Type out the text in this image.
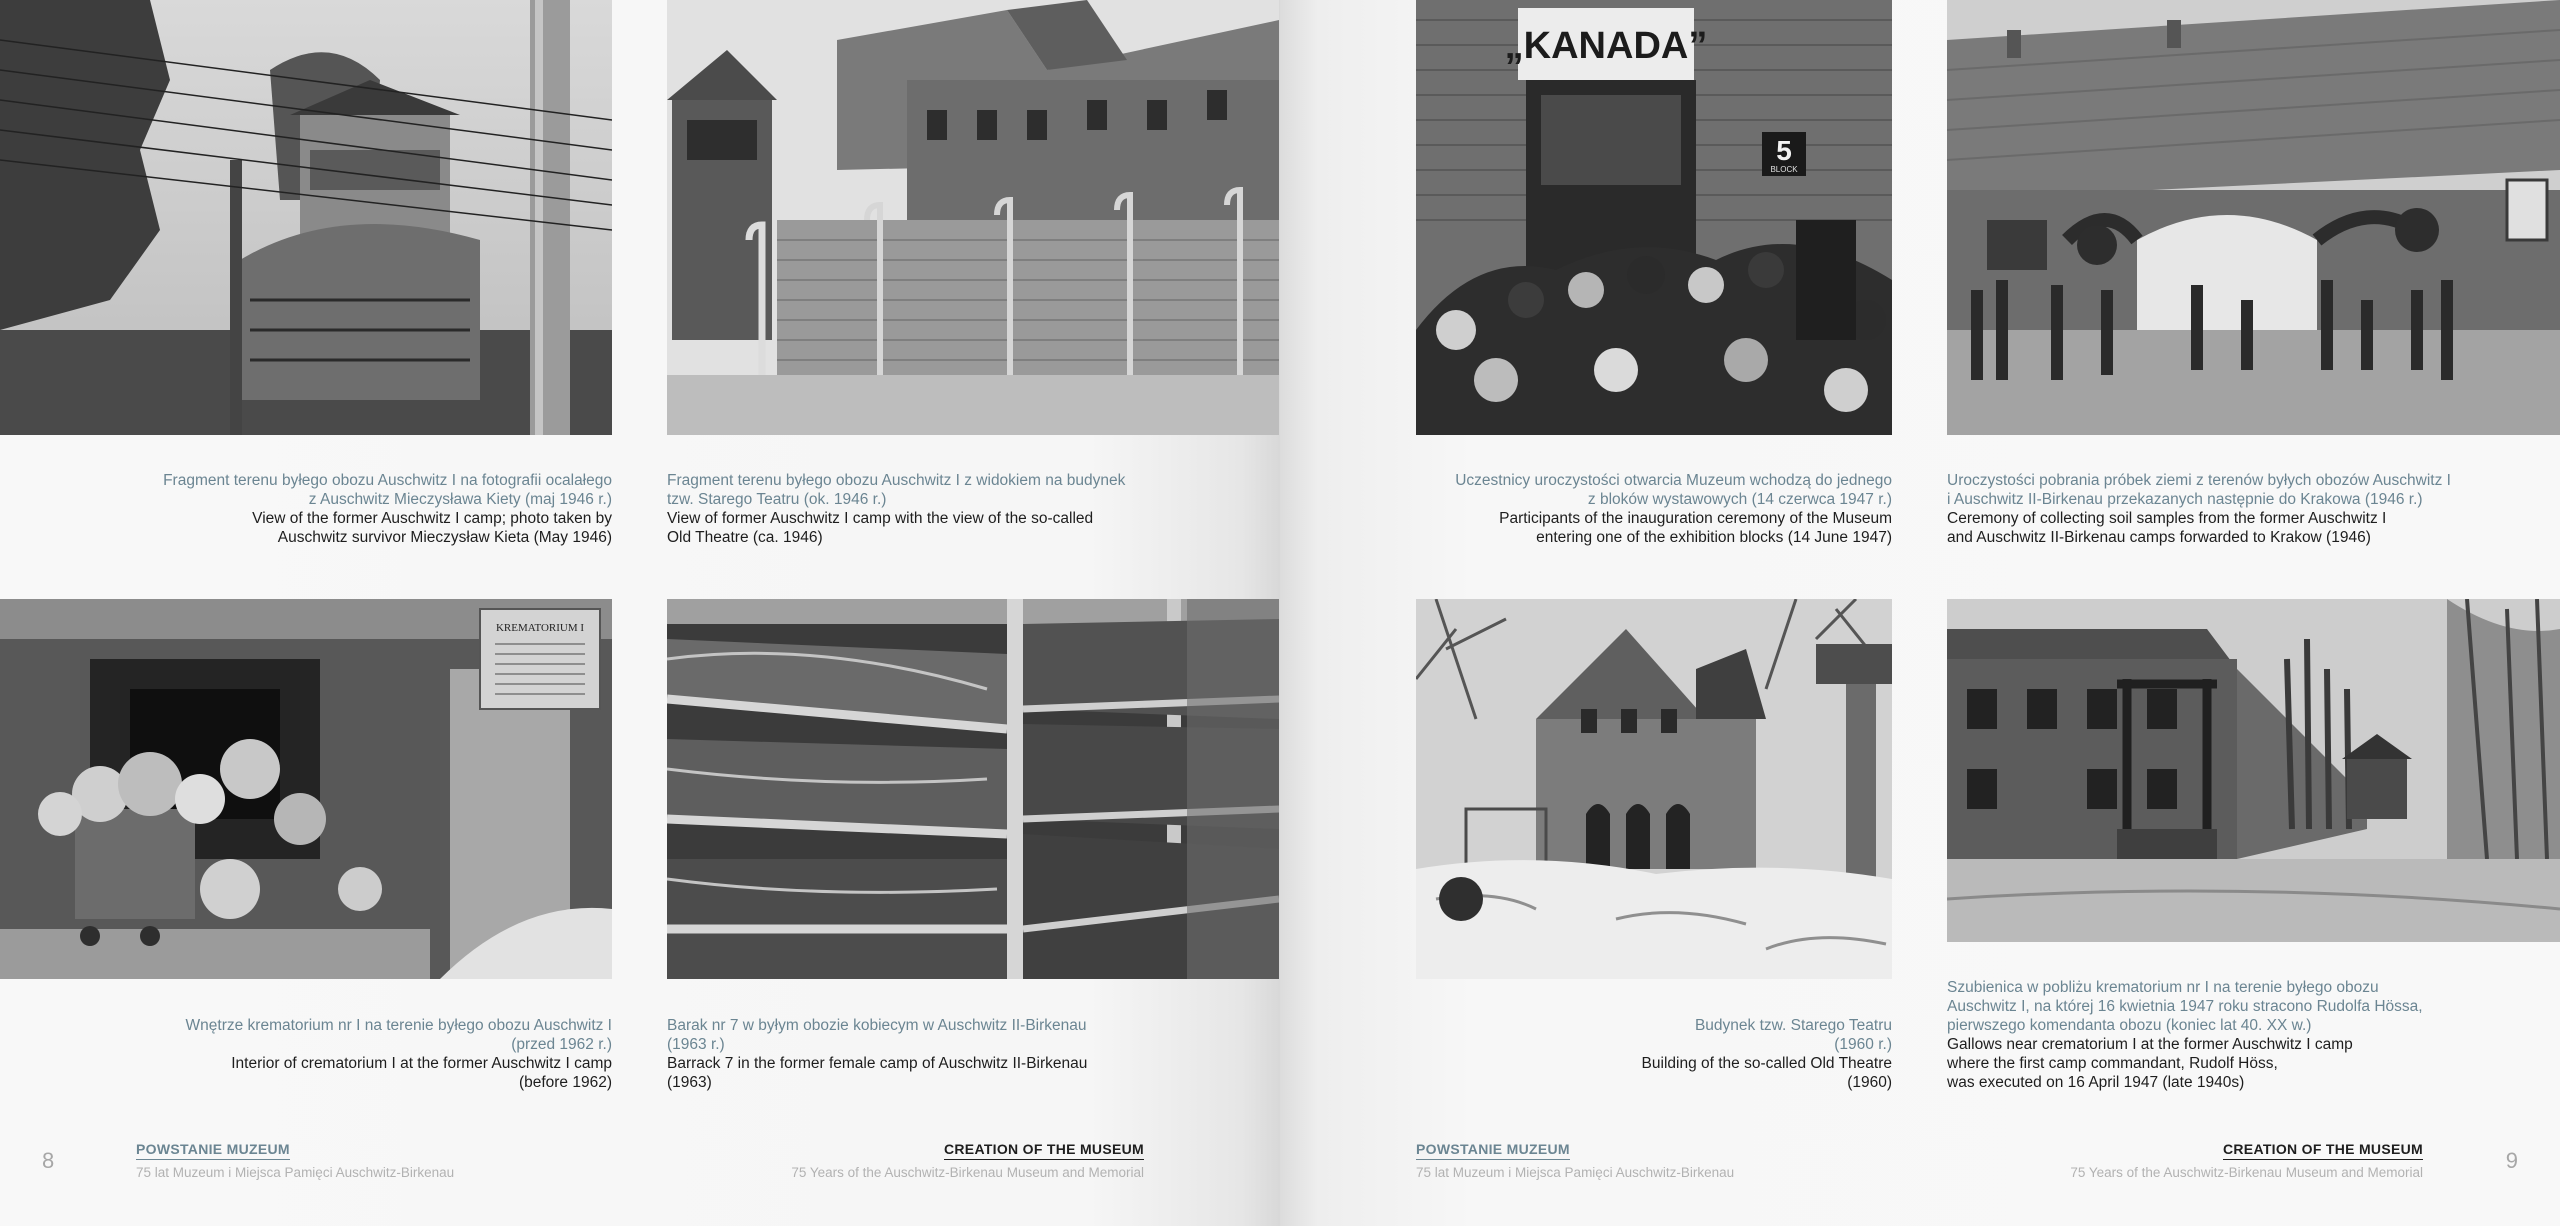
Fragment terenu byłego obozu Auschwitz I na fotografii ocalałego
z Auschwitz Mieczysława Kiety (maj 1946 r.)
View of the former Auschwitz I camp; photo taken by
Auschwitz survivor Mieczysław Kieta (May 1946)
Fragment terenu byłego obozu Auschwitz I z widokiem na budynek
tzw. Starego Teatru (ok. 1946 r.)
View of former Auschwitz I camp with the view of the so-called
Old Theatre (ca. 1946)
KREMATORIUM I
Wnętrze krematorium nr I na terenie byłego obozu Auschwitz I
(przed 1962 r.)
Interior of crematorium I at the former Auschwitz I camp
(before 1962)
Barak nr 7 w byłym obozie kobiecym w Auschwitz II-Birkenau
(1963 r.)
Barrack 7 in the former female camp of Auschwitz II-Birkenau
(1963)
8	POWSTANIE MUZEUM
75 lat Muzeum i Miejsca Pamięci Auschwitz-Birkenau
CREATION OF THE MUSEUM
75 Years of the Auschwitz-Birkenau Museum and Memorial
„KANADA”
5
BLOCK
Uczestnicy uroczystości otwarcia Muzeum wchodzą do jednego
z bloków wystawowych (14 czerwca 1947 r.)
Participants of the inauguration ceremony of the Museum
entering one of the exhibition blocks (14 June 1947)
Uroczystości pobrania próbek ziemi z terenów byłych obozów Auschwitz I
i Auschwitz II-Birkenau przekazanych następnie do Krakowa (1946 r.)
Ceremony of collecting soil samples from the former Auschwitz I
and Auschwitz II-Birkenau camps forwarded to Krakow (1946)
Budynek tzw. Starego Teatru
(1960 r.)
Building of the so-called Old Theatre
(1960)
Szubienica w pobliżu krematorium nr I na terenie byłego obozu
Auschwitz I, na której 16 kwietnia 1947 roku stracono Rudolfa Hössa,
pierwszego komendanta obozu (koniec lat 40. XX w.)
Gallows near crematorium I at the former Auschwitz I camp
where the first camp commandant, Rudolf Höss,
was executed on 16 April 1947 (late 1940s)
POWSTANIE MUZEUM
75 lat Muzeum i Miejsca Pamięci Auschwitz-Birkenau
CREATION OF THE MUSEUM
75 Years of the Auschwitz-Birkenau Museum and Memorial	9
